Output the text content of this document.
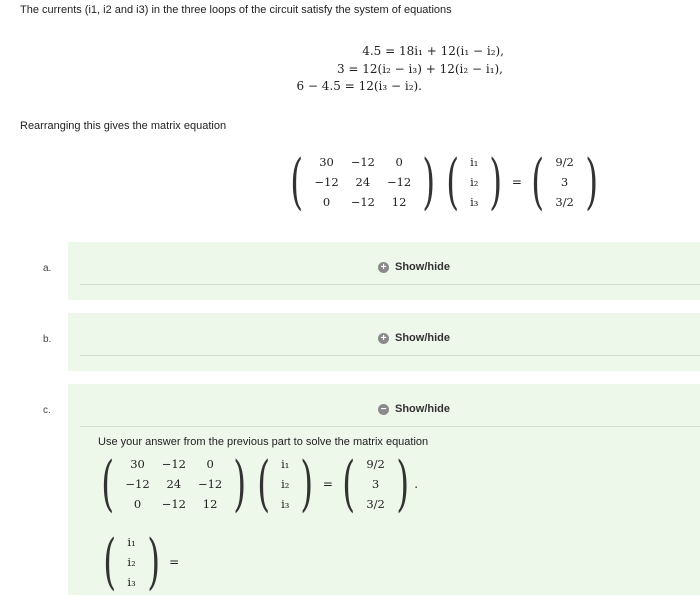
The currents (i1, i2 and i3) in the three loops of the circuit satisfy the system of equations
4.5 = 18i₁ + 12(i₁ − i₂),
3 = 12(i₂ − i₃) + 12(i₂ − i₁),
6 − 4.5 = 12(i₃ − i₂).
Rearranging this gives the matrix equation
( 30	−12	0
−12	24	−12
0	−12	12 ) ( i₁
i₂
i₃ ) = ( 9/2
3
3/2 )
a.	+ Show/hide
b.	+ Show/hide
c.	− Show/hide
Use your answer from the previous part to solve the matrix equation
( 30	−12	0
−12	24	−12
0	−12	12 ) ( i₁
i₂
i₃ ) = ( 9/2
3
3/2 ) .
( i₁
i₂
i₃ ) =
